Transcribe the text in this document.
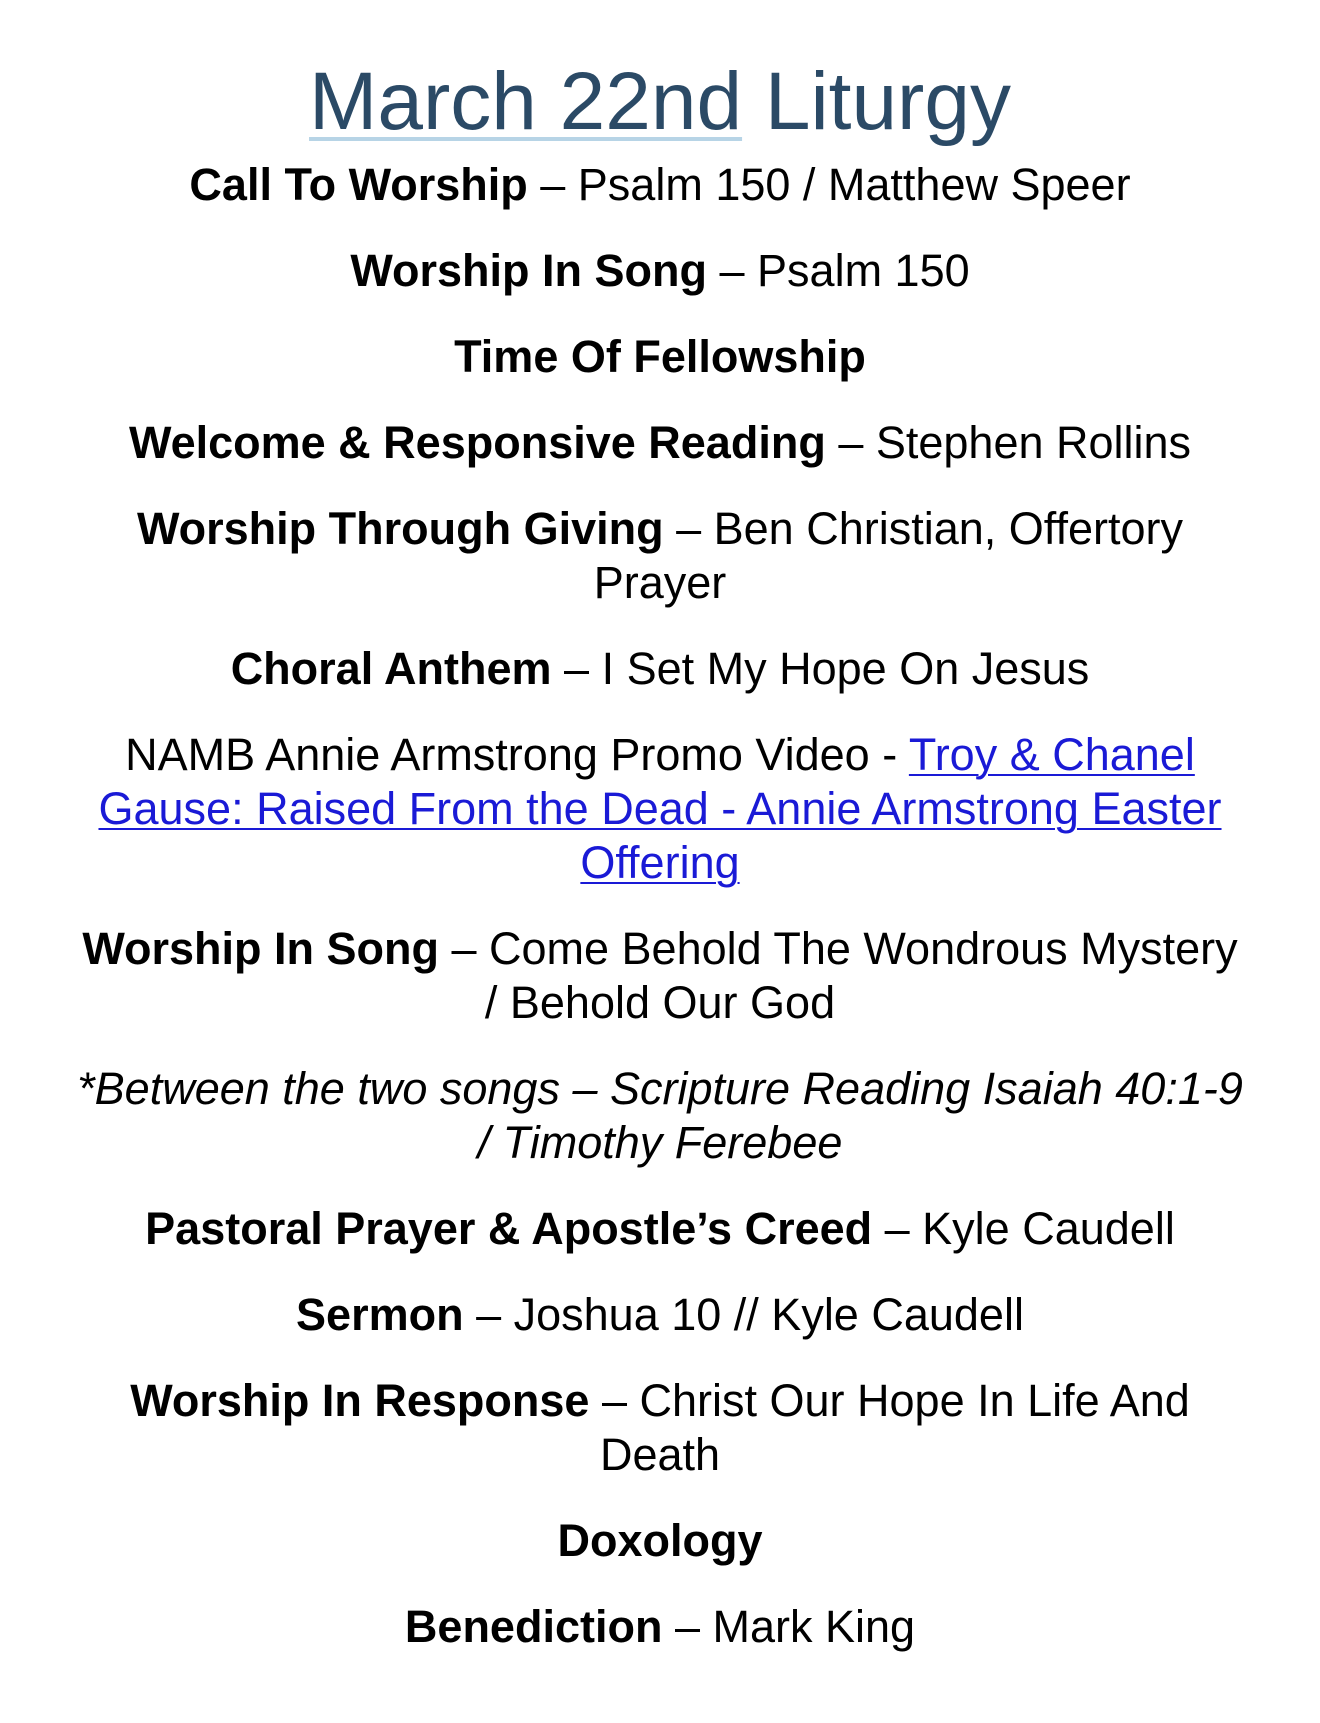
March 22nd Liturgy

Call To Worship – Psalm 150 / Matthew Speer

Worship In Song – Psalm 150

Time Of Fellowship

Welcome & Responsive Reading – Stephen Rollins

Worship Through Giving – Ben Christian, Offertory Prayer

Choral Anthem – I Set My Hope On Jesus

NAMB Annie Armstrong Promo Video - Troy & Chanel Gause: Raised From the Dead - Annie Armstrong Easter Offering

Worship In Song – Come Behold The Wondrous Mystery / Behold Our God

*Between the two songs – Scripture Reading Isaiah 40:1-9 / Timothy Ferebee

Pastoral Prayer & Apostle’s Creed – Kyle Caudell

Sermon – Joshua 10 // Kyle Caudell

Worship In Response – Christ Our Hope In Life And Death

Doxology

Benediction – Mark King
